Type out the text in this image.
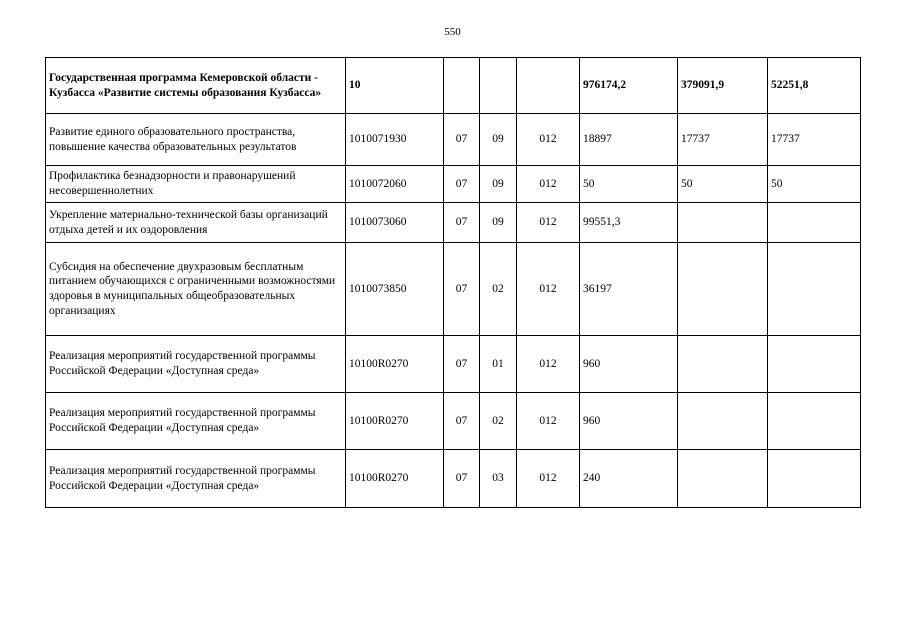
550
Государственная программа Кемеровской области - Кузбасса «Развитие системы образования Кузбасса»	10				976174,2	379091,9	52251,8
Развитие единого образовательного пространства, повышение качества образовательных результатов	1010071930	07	09	012	18897	17737	17737
Профилактика безнадзорности и правонарушений несовершеннолетних	1010072060	07	09	012	50	50	50
Укрепление материально-технической базы организаций отдыха детей и их оздоровления	1010073060	07	09	012	99551,3		
Субсидия на обеспечение двухразовым бесплатным питанием обучающихся с ограниченными возможностями здоровья в муниципальных общеобразовательных организациях	1010073850	07	02	012	36197		
Реализация мероприятий государственной программы Российской Федерации «Доступная среда»	10100R0270	07	01	012	960		
Реализация мероприятий государственной программы Российской Федерации «Доступная среда»	10100R0270	07	02	012	960		
Реализация мероприятий государственной программы Российской Федерации «Доступная среда»	10100R0270	07	03	012	240		
